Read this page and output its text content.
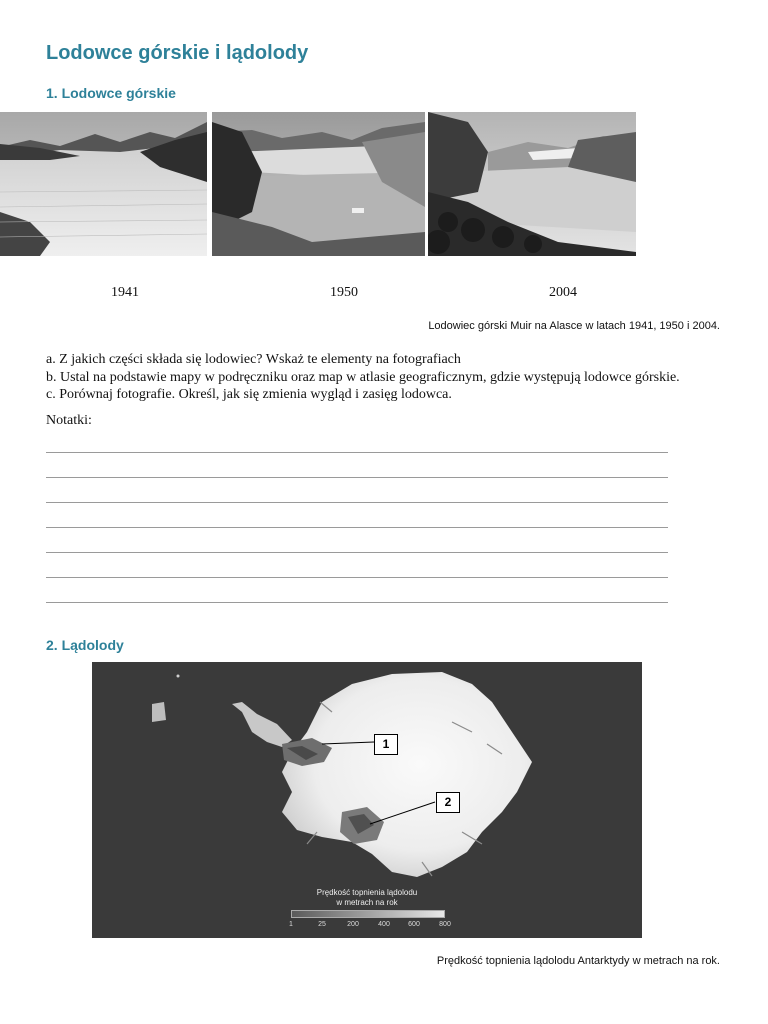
Lodowce górskie i lądolody
1. Lodowce górskie
1941	1950	2004
Lodowiec górski Muir na Alasce w latach 1941, 1950 i 2004.
a. Z jakich części składa się lodowiec? Wskaż te elementy na fotografiach
b. Ustal na podstawie mapy w podręczniku oraz map w atlasie geograficznym, gdzie występują lodowce górskie.
c. Porównaj fotografie. Określ, jak się zmienia wygląd i zasięg lodowca.
Notatki:
2. Lądolody
1
2
Prędkość topnienia lądolodu
w metrach na rok
1	25	200	400	600	800
Prędkość topnienia lądolodu Antarktydy w metrach na rok.
